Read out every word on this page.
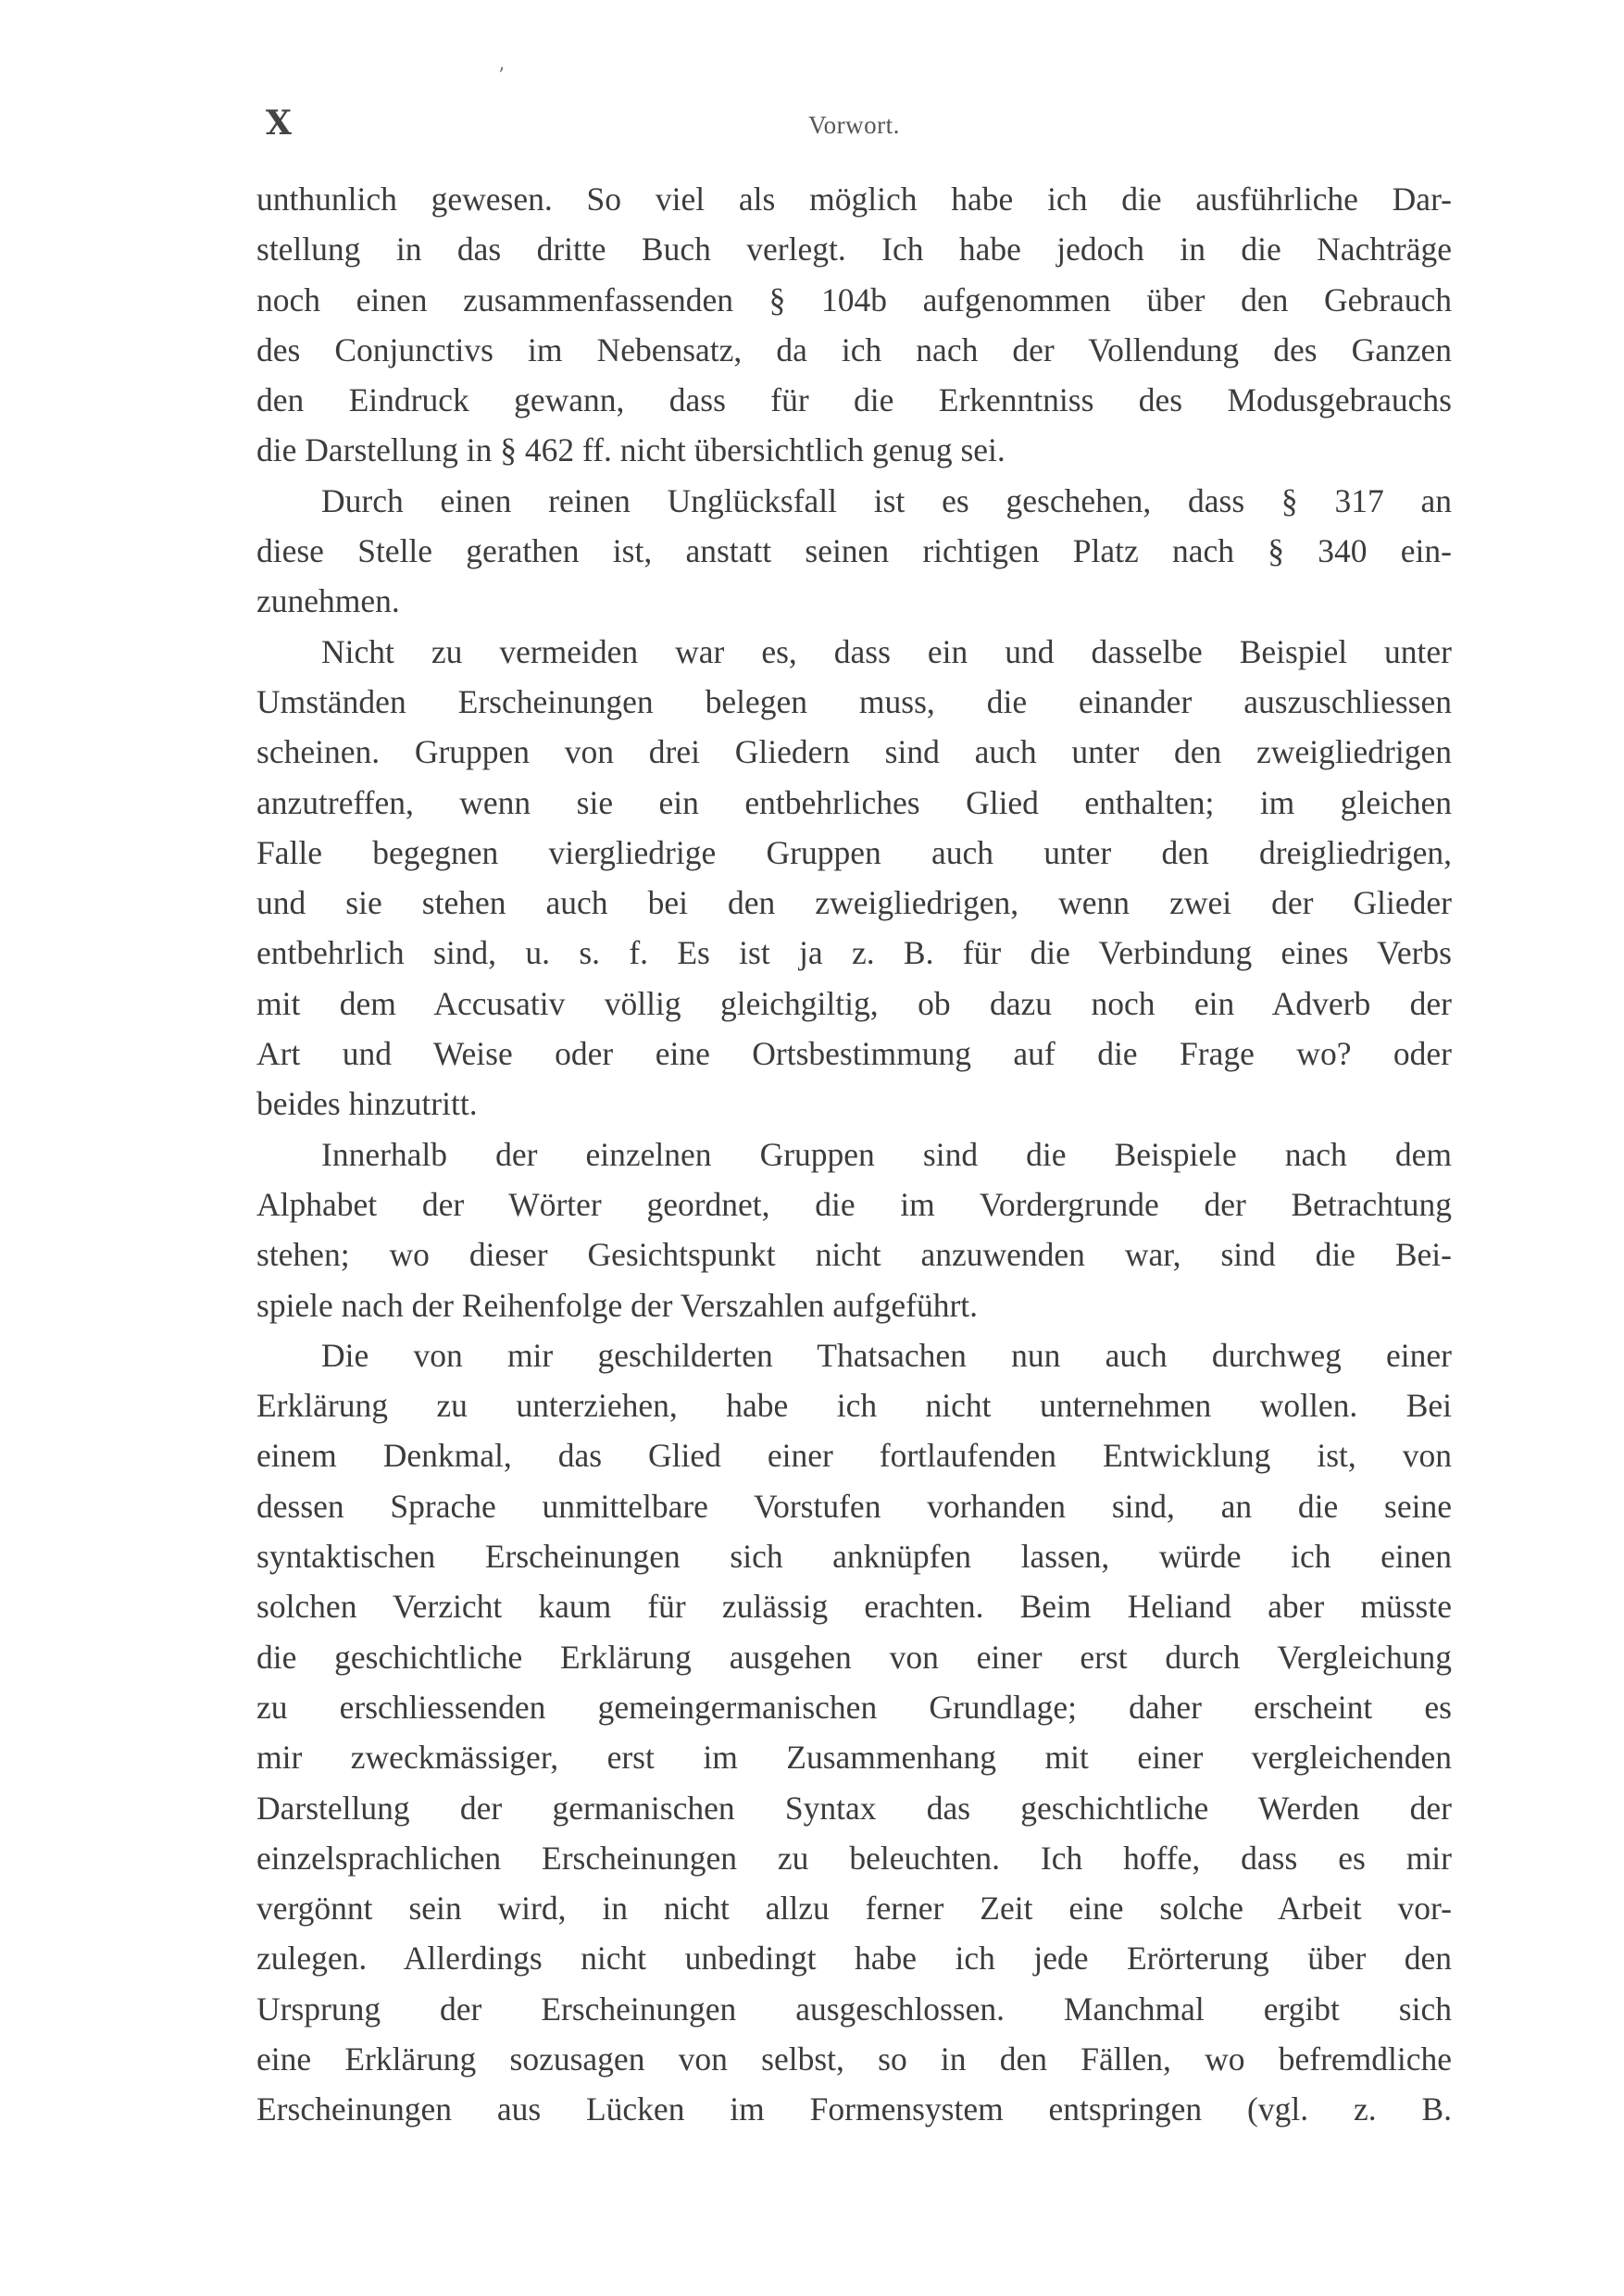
’
X	Vorwort.
unthunlich gewesen. So viel als möglich habe ich die ausführliche Dar-
stellung in das dritte Buch verlegt. Ich habe jedoch in die Nachträge
noch einen zusammenfassenden § 104b aufgenommen über den Gebrauch
des Conjunctivs im Nebensatz, da ich nach der Vollendung des Ganzen
den Eindruck gewann, dass für die Erkenntniss des Modusgebrauchs
die Darstellung in § 462 ff. nicht übersichtlich genug sei.
Durch einen reinen Unglücksfall ist es geschehen, dass § 317 an
diese Stelle gerathen ist, anstatt seinen richtigen Platz nach § 340 ein-
zunehmen.
Nicht zu vermeiden war es, dass ein und dasselbe Beispiel unter
Umständen Erscheinungen belegen muss, die einander auszuschliessen
scheinen. Gruppen von drei Gliedern sind auch unter den zweigliedrigen
anzutreffen, wenn sie ein entbehrliches Glied enthalten; im gleichen
Falle begegnen viergliedrige Gruppen auch unter den dreigliedrigen,
und sie stehen auch bei den zweigliedrigen, wenn zwei der Glieder
entbehrlich sind, u. s. f. Es ist ja z. B. für die Verbindung eines Verbs
mit dem Accusativ völlig gleichgiltig, ob dazu noch ein Adverb der
Art und Weise oder eine Ortsbestimmung auf die Frage wo? oder
beides hinzutritt.
Innerhalb der einzelnen Gruppen sind die Beispiele nach dem
Alphabet der Wörter geordnet, die im Vordergrunde der Betrachtung
stehen; wo dieser Gesichtspunkt nicht anzuwenden war, sind die Bei-
spiele nach der Reihenfolge der Verszahlen aufgeführt.
Die von mir geschilderten Thatsachen nun auch durchweg einer
Erklärung zu unterziehen, habe ich nicht unternehmen wollen. Bei
einem Denkmal, das Glied einer fortlaufenden Entwicklung ist, von
dessen Sprache unmittelbare Vorstufen vorhanden sind, an die seine
syntaktischen Erscheinungen sich anknüpfen lassen, würde ich einen
solchen Verzicht kaum für zulässig erachten. Beim Heliand aber müsste
die geschichtliche Erklärung ausgehen von einer erst durch Vergleichung
zu erschliessenden gemeingermanischen Grundlage; daher erscheint es
mir zweckmässiger, erst im Zusammenhang mit einer vergleichenden
Darstellung der germanischen Syntax das geschichtliche Werden der
einzelsprachlichen Erscheinungen zu beleuchten. Ich hoffe, dass es mir
vergönnt sein wird, in nicht allzu ferner Zeit eine solche Arbeit vor-
zulegen. Allerdings nicht unbedingt habe ich jede Erörterung über den
Ursprung der Erscheinungen ausgeschlossen. Manchmal ergibt sich
eine Erklärung sozusagen von selbst, so in den Fällen, wo befremdliche
Erscheinungen aus Lücken im Formensystem entspringen (vgl. z. B.
